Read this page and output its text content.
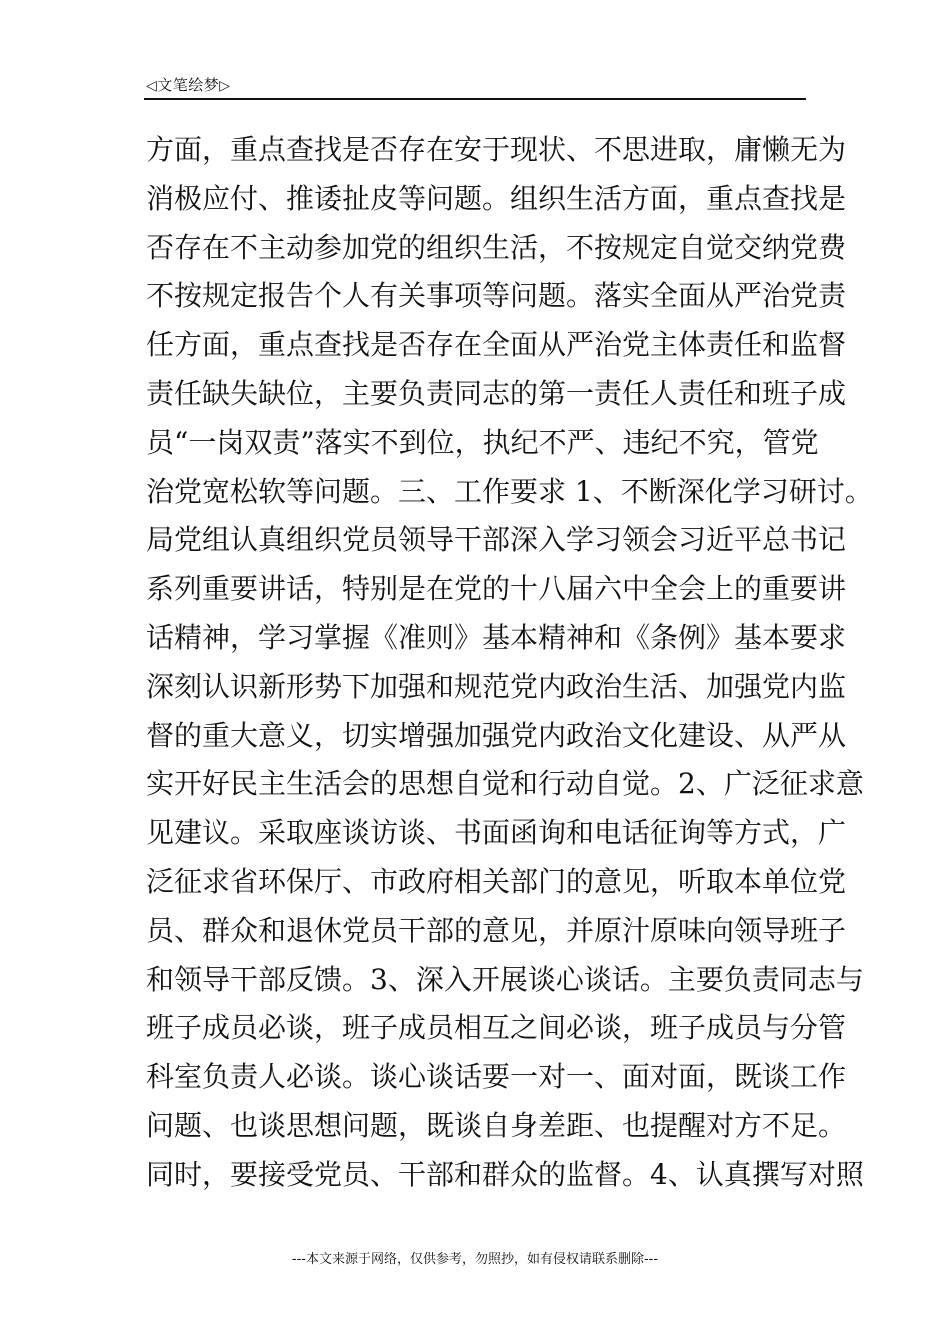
◁文笔绘梦▷
方面，重点查找是否存在安于现状、不思进取，庸懒无为
消极应付、推诿扯皮等问题。组织生活方面，重点查找是
否存在不主动参加党的组织生活，不按规定自觉交纳党费
不按规定报告个人有关事项等问题。落实全面从严治党责
任方面，重点查找是否存在全面从严治党主体责任和监督
责任缺失缺位，主要负责同志的第一责任人责任和班子成
员“一岗双责”落实不到位，执纪不严、违纪不究，管党
治党宽松软等问题。三、工作要求 1、不断深化学习研讨。
局党组认真组织党员领导干部深入学习领会习近平总书记
系列重要讲话，特别是在党的十八届六中全会上的重要讲
话精神，学习掌握《准则》基本精神和《条例》基本要求
深刻认识新形势下加强和规范党内政治生活、加强党内监
督的重大意义，切实增强加强党内政治文化建设、从严从
实开好民主生活会的思想自觉和行动自觉。2、广泛征求意
见建议。采取座谈访谈、书面函询和电话征询等方式，广
泛征求省环保厅、市政府相关部门的意见，听取本单位党
员、群众和退休党员干部的意见，并原汁原味向领导班子
和领导干部反馈。3、深入开展谈心谈话。主要负责同志与
班子成员必谈，班子成员相互之间必谈，班子成员与分管
科室负责人必谈。谈心谈话要一对一、面对面，既谈工作
问题、也谈思想问题，既谈自身差距、也提醒对方不足。
同时，要接受党员、干部和群众的监督。4、认真撰写对照
---本文来源于网络，仅供参考，勿照抄，如有侵权请联系删除---
